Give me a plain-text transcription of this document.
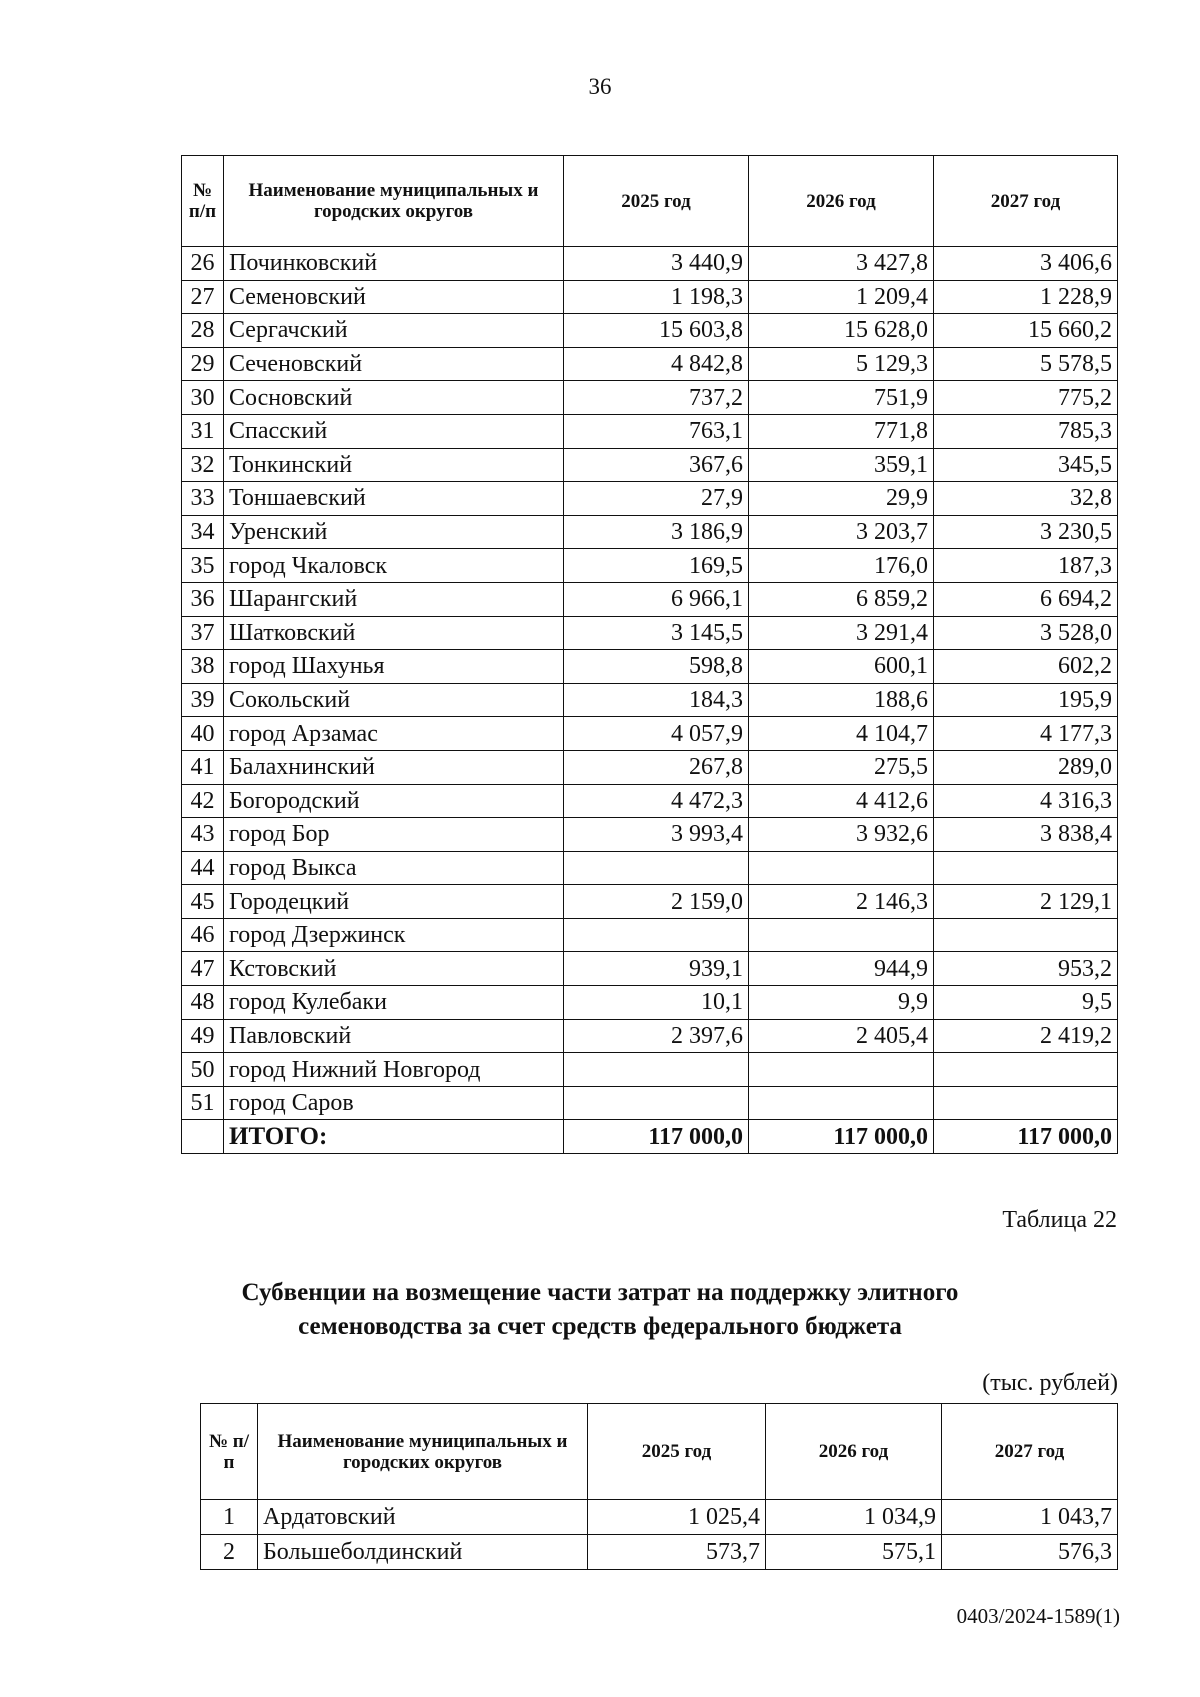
36
№ п/п	Наименование муниципальных и городских округов	2025 год	2026 год	2027 год
26	Починковский	3 440,9	3 427,8	3 406,6
27	Семеновский	1 198,3	1 209,4	1 228,9
28	Сергачский	15 603,8	15 628,0	15 660,2
29	Сеченовский	4 842,8	5 129,3	5 578,5
30	Сосновский	737,2	751,9	775,2
31	Спасский	763,1	771,8	785,3
32	Тонкинский	367,6	359,1	345,5
33	Тоншаевский	27,9	29,9	32,8
34	Уренский	3 186,9	3 203,7	3 230,5
35	город Чкаловск	169,5	176,0	187,3
36	Шарангский	6 966,1	6 859,2	6 694,2
37	Шатковский	3 145,5	3 291,4	3 528,0
38	город Шахунья	598,8	600,1	602,2
39	Сокольский	184,3	188,6	195,9
40	город Арзамас	4 057,9	4 104,7	4 177,3
41	Балахнинский	267,8	275,5	289,0
42	Богородский	4 472,3	4 412,6	4 316,3
43	город Бор	3 993,4	3 932,6	3 838,4
44	город Выкса			
45	Городецкий	2 159,0	2 146,3	2 129,1
46	город Дзержинск			
47	Кстовский	939,1	944,9	953,2
48	город Кулебаки	10,1	9,9	9,5
49	Павловский	2 397,6	2 405,4	2 419,2
50	город Нижний Новгород			
51	город Саров			
	ИТОГО:	117 000,0	117 000,0	117 000,0
Таблица 22
Субвенции на возмещение части затрат на поддержку элитного
семеноводства за счет средств федерального бюджета
(тыс. рублей)
№ п/п	Наименование муниципальных и городских округов	2025 год	2026 год	2027 год
1	Ардатовский	1 025,4	1 034,9	1 043,7
2	Большеболдинский	573,7	575,1	576,3
0403/2024-1589(1)
